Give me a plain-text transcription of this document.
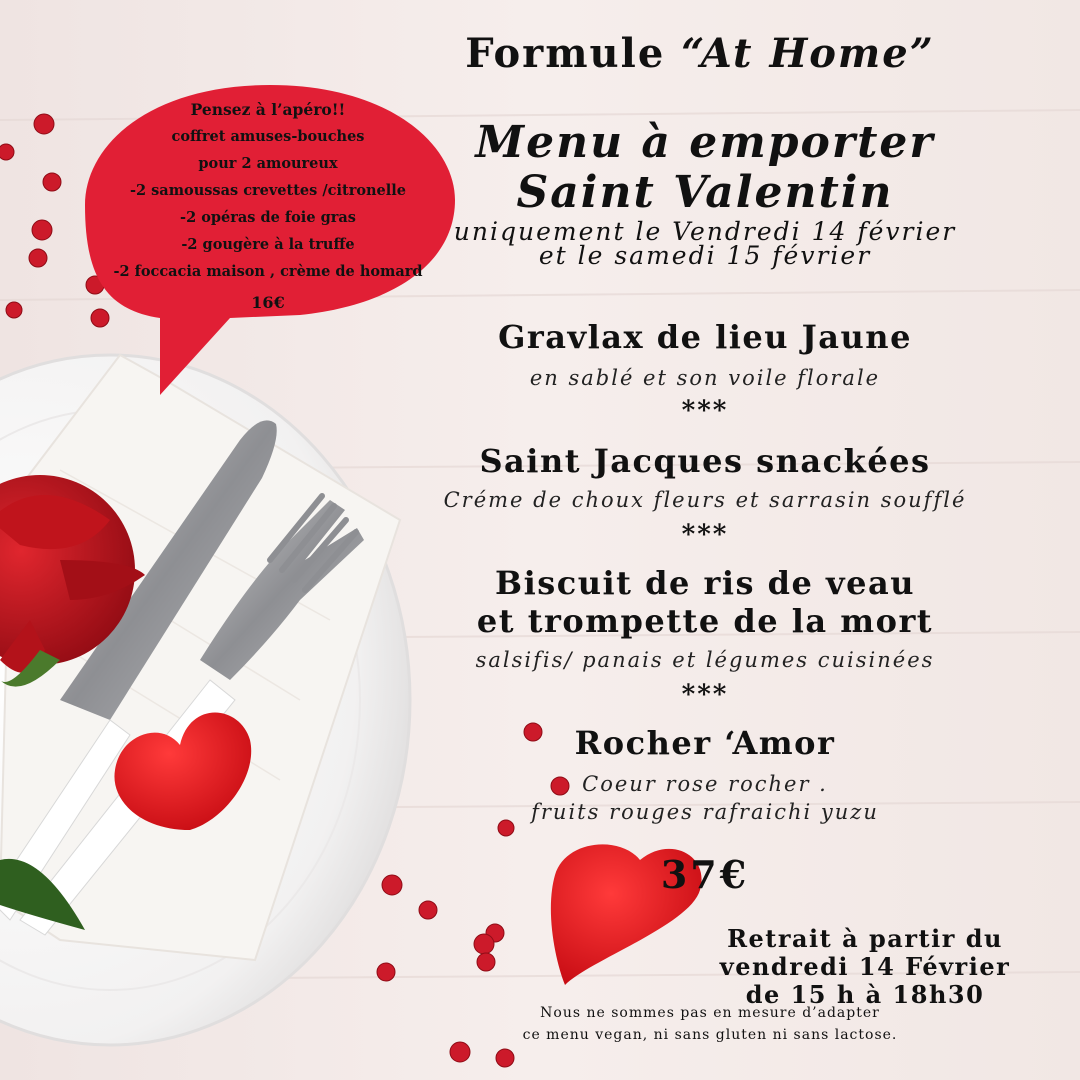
Pensez à l’apéro!!
coffret amuses-bouches
pour 2 amoureux
-2 samoussas crevettes /citronelle
-2 opéras de foie gras
-2 gougère à la truffe
-2 foccacia maison , crème de homard
16€
Formule “At Home”
Menu à emporter
Saint Valentin
uniquement le Vendredi 14 février
et le samedi 15 février
Gravlax de lieu Jaune
en sablé et son voile florale
***
Saint Jacques snackées
Créme de choux fleurs et sarrasin soufflé
***
Biscuit de ris de veau
et trompette de la mort
salsifis/ panais et légumes cuisinées
***
Rocher ‘Amor
Coeur rose rocher .
fruits rouges rafraichi yuzu
37€
Retrait à partir du
vendredi 14 Février
de 15 h à 18h30
Nous ne sommes pas en mesure d’adapter
ce menu vegan, ni sans gluten ni sans lactose.
